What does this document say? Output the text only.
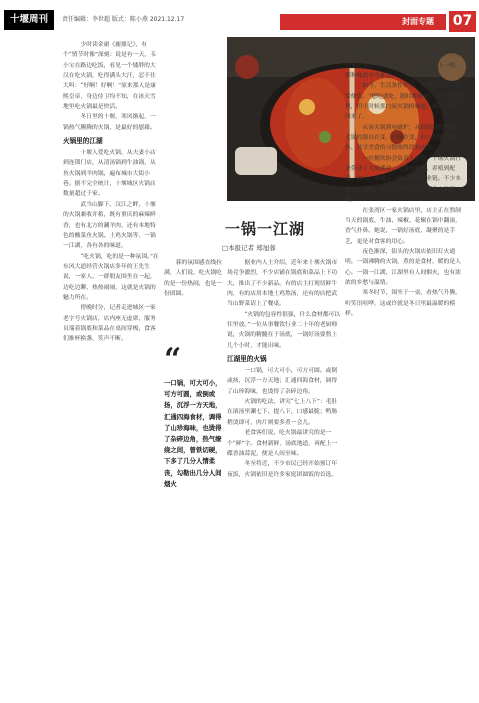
十堰周刊	责任编辑：李世超 版式：陈小燕 2021.12.17	封面专题	07
一锅一江湖
□本报记者 郑旭蓉

　少时读金庸《鹿鼎记》，有个“情节时像”深刻：说是有一天，韦小宝在路边吃饭，看见一个矮胖的大汉在吃火锅，吃得满头大汗，忍不住大叫：“好啊！好啊！”原来那人是康熙皇帝，身边侍卫均不知，在冰天雪地里吃火锅最是快活。

　冬日里的十堰，寒风渐起，一锅热气腾腾的火锅，是最好的慰藉。

火锅里的江湖

　十堰人爱吃火锅，从夫妻小店到连锁门店，从清汤锅到牛油锅，从鱼火锅到羊肉锅，遍布城市大街小巷。据不完全统计，十堰城区火锅店数量超过千家。

　武当山脚下、汉江之畔，十堰的火锅兼收并蓄，既有重庆的麻辣鲜香，也有北方的涮羊肉，还有本地特色的酸菜鱼火锅、土鸡火锅等，一锅一江湖，各有各的味道。

　“吃火锅，吃的是一种氛围。”在东风大道经营火锅店多年的王先生说，一家人、一群朋友围坐在一起，边吃边聊，热热闹闹，这就是火锅的魅力所在。

　傍晚时分，记者走进城区一家老字号火锅店，店内座无虚席，服务员端着锅底和菜品在桌间穿梭，食客们推杯换盏，笑声不断。

暮的氛围感直线拉满，人们说，吃火锅吃的是一份热闹，也是一份团圆。

“
一口锅，可大可小，可方可圆，或倒或扬，沉浮一方天地，汇通四海食材，调得了山珍海味，也烫得了杂碎边角，热气缭绕之间，曾铁切硬，下多了几分人情柔丧，勾勒出几分人间烟火

　据业内人士介绍，近年来十堰火锅市场竞争激烈，不少店铺在锅底和菜品上下功夫，推出了不少新品。有的店主打现切鲜牛肉，有的店用本地土鸡熬汤，还有的店把武当山野菜请上了餐桌。

　“火锅的包容性很强，什么食材都可以往里放。”一位从事餐饮行业二十年的老厨师说，火锅的精髓在于汤底，一锅好汤要熬上几个小时，才能出味。

江湖里的火锅

　一口锅，可大可小，可方可圆。或倒或扬，沉浮一方天地；汇通四海食材，调得了山珍海味，也烫得了杂碎边角。

　火锅的吃法，讲究“七上八下”：毛肚在滚汤里涮七下、提八下，口感最脆；鸭肠稍烫即可，肉片则要多煮一会儿。

　老食客们说，吃火锅最讲究的是一个“鲜”字。食材新鲜，汤底地道，再配上一碟香油蒜泥，便是人间至味。

　冬至将近，不少市民已经开始预订年夜饭，火锅依旧是许多家庭团圆饭的首选。

　李先生是土生土长的十堰人，他说小时候家里条件有限，吃火锅是一件稀罕事，只有过年过节，一家人才会围着炭火锅吃上一顿，那种味道至今难忘。

　如今，生活条件好了，火锅已经成了家常便饭。“想吃就吃，随时都能吃。”李先生笑着说，但小时候那口炭火锅的味道，却再也找不回来了。

　从炭火锅到电磁炉，从铜锅到鸳鸯锅，火锅的器具在变，口味在变，但人们围炉而坐、共享美食的习惯始终没有改变。

　一位餐饮协会负责人介绍，十堰火锅行业带动了大量就业，从食材种植、养殖到配送、加工，形成了一条完整的产业链。不少本地特色食材，也借着火锅走上了更多人的餐桌。

　在张湾区一家火锅店里，店主正在熬制当天的锅底，牛油、辣椒、花椒在锅中翻滚，香气扑鼻。她说，一锅好汤底，凝聚的是手艺，更是对食客的用心。

　夜色渐深，街头的火锅店依旧灯火通明。一锅沸腾的火锅，煮的是食材，暖的是人心。一锅一江湖，江湖里有人间烟火，也有浓浓的乡愁与温情。

　寒冬时节，围坐于一桌，看热气升腾，听笑语喧哗，这或许就是冬日里最温暖的模样。
